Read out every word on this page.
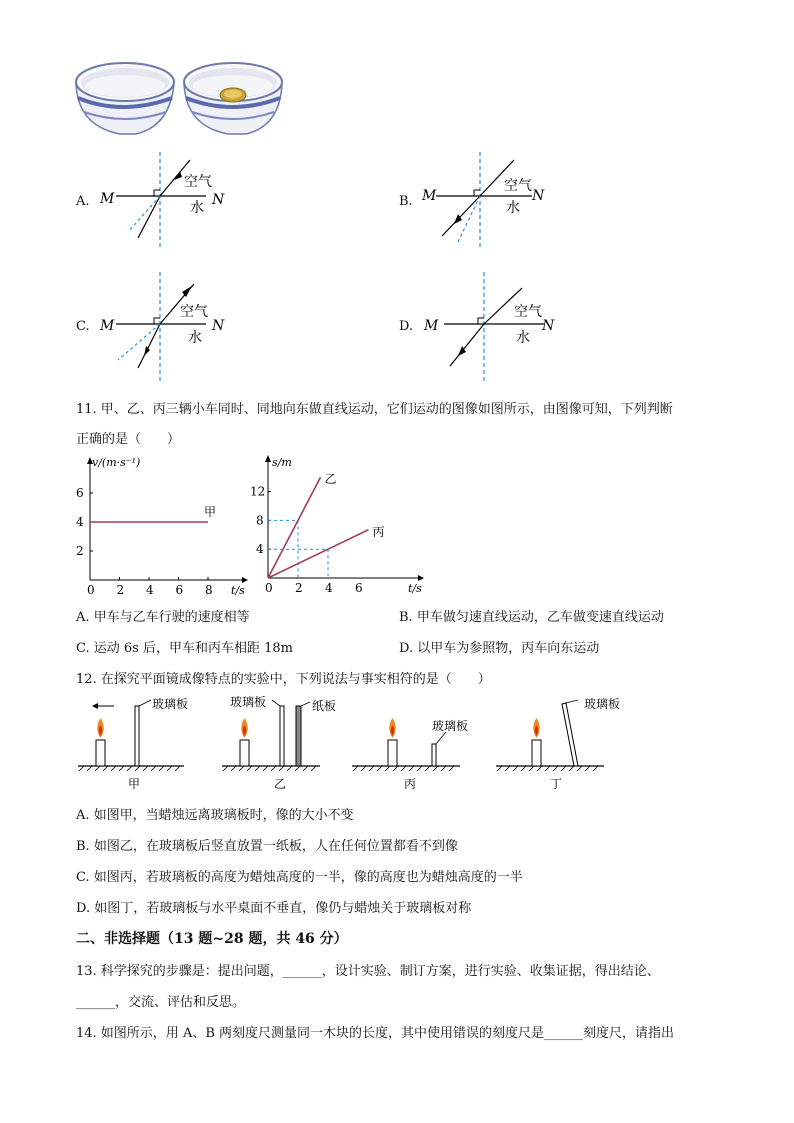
A. M	N
空气
水	B. M	N
空气
水
C. M	N
空气
水
D. M	N
空气
水
11. 甲、乙、丙三辆小车同时、同地向东做直线运动，它们运动的图像如图所示，由图像可知，下列判断
正确的是（　　）
v/(m·s⁻¹)
t/s
6
4
2
0 2 4 6 8
甲
s/m
t/s
12
8
4
0 2 4 6
乙
丙
A. 甲车与乙车行驶的速度相等	B. 甲车做匀速直线运动，乙车做变速直线运动
C. 运动 6s 后，甲车和丙车相距 18m	D. 以甲车为参照物，丙车向东运动
12. 在探究平面镜成像特点的实验中，下列说法与事实相符的是（　　）
玻璃板
甲
玻璃板	纸板
乙
玻璃板
丙
玻璃板
丁
A. 如图甲，当蜡烛远离玻璃板时，像的大小不变
B. 如图乙，在玻璃板后竖直放置一纸板，人在任何位置都看不到像
C. 如图丙，若玻璃板的高度为蜡烛高度的一半，像的高度也为蜡烛高度的一半
D. 如图丁，若玻璃板与水平桌面不垂直，像仍与蜡烛关于玻璃板对称
二、非选择题（13 题~28 题，共 46 分）
13. 科学探究的步骤是：提出问题，______，设计实验、制订方案，进行实验、收集证据，得出结论、
______，交流、评估和反思。
14. 如图所示，用 A、B 两刻度尺测量同一木块的长度，其中使用错误的刻度尺是______刻度尺，请指出
